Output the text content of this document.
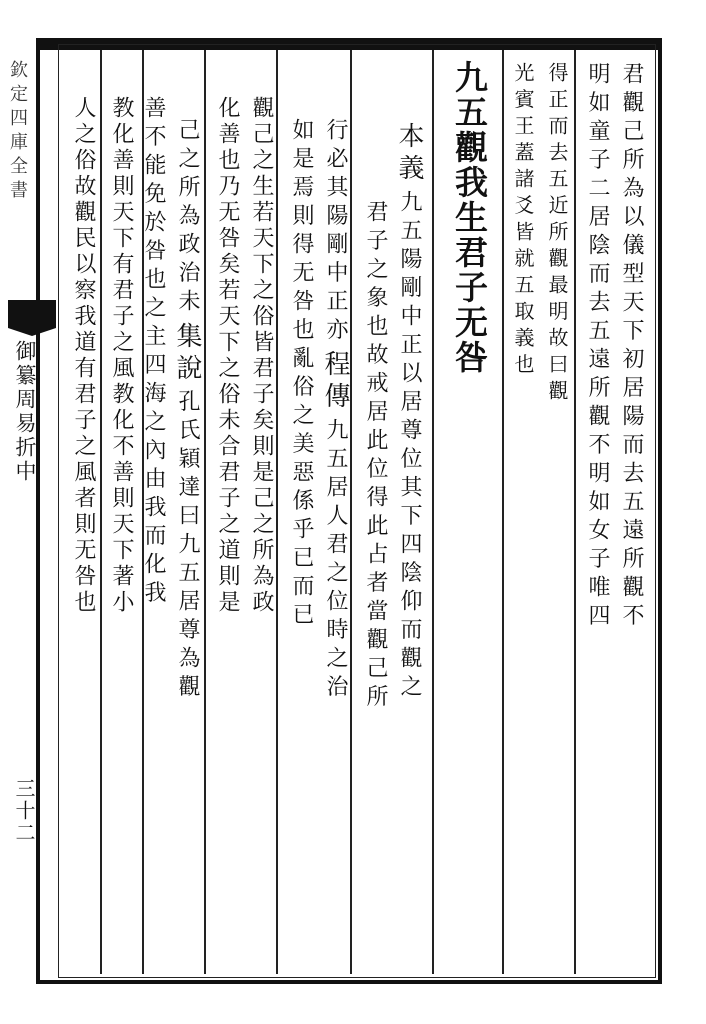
欽定四庫全書
御纂周易折中
三十二
君觀己所為以儀型天下初居陽而去五遠所觀不
明如童子二居陰而去五遠所觀不明如女子唯四
得正而去五近所觀最明故曰觀
光賓王蓋諸爻皆就五取義也
九五觀我生君子无咎
本義九五陽剛中正以居尊位其下四陰仰而觀之
君子之象也故戒居此位得此占者當觀己所
行必其陽剛中正亦程傳九五居人君之位時之治
如是焉則得无咎也亂俗之美惡係乎已而已
觀己之生若天下之俗皆君子矣則是己之所為政
化善也乃无咎矣若天下之俗未合君子之道則是
己之所為政治未集說孔氏穎達曰九五居尊為觀
善不能免於咎也之主四海之內由我而化我
教化善則天下有君子之風教化不善則天下著小
人之俗故觀民以察我道有君子之風者則无咎也
